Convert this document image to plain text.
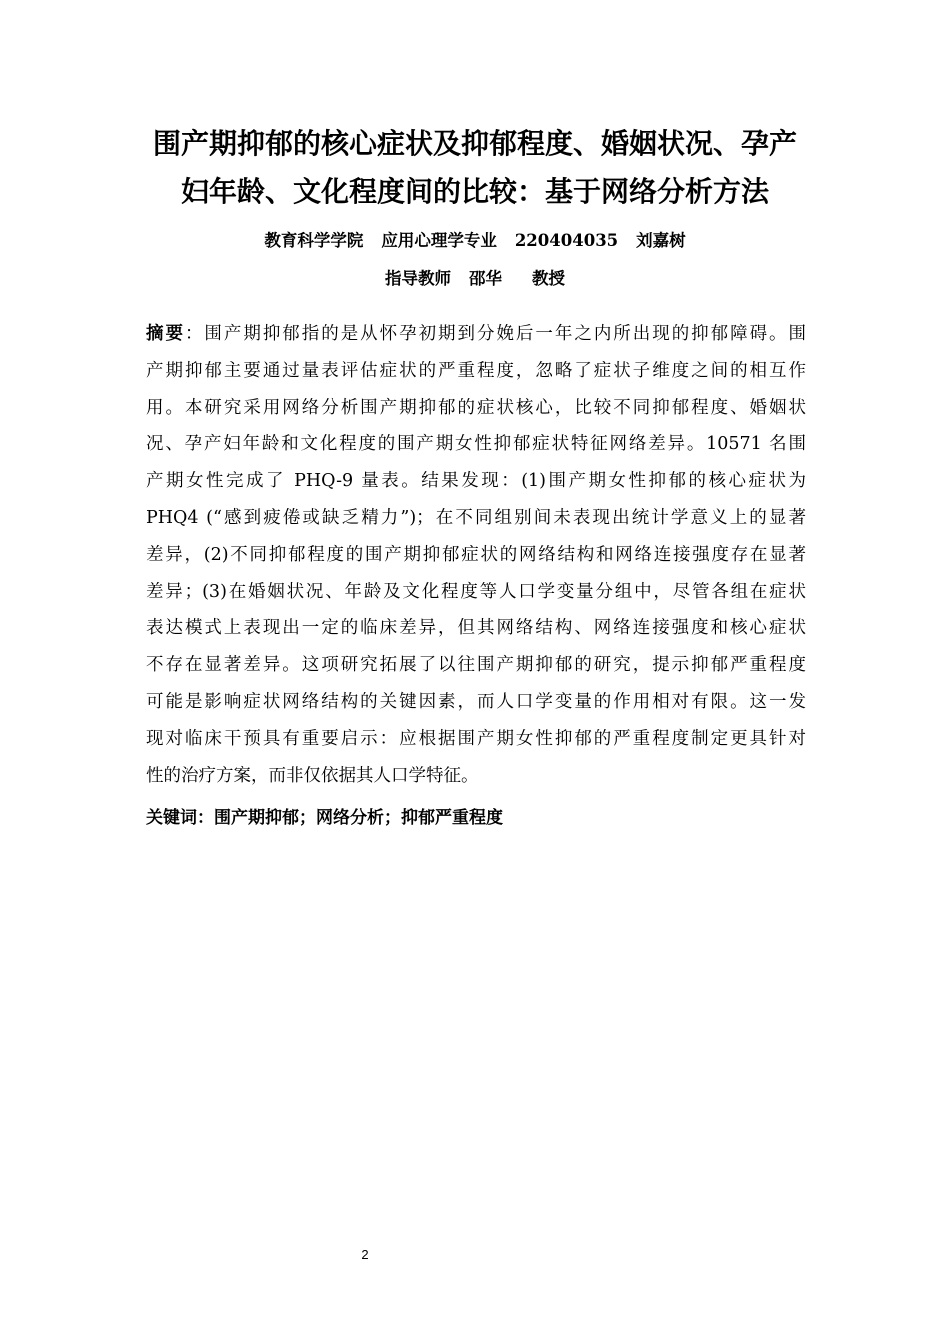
围产期抑郁的核心症状及抑郁程度、婚姻状况、孕产
妇年龄、文化程度间的比较：基于网络分析方法
教育科学学院 应用心理学专业 220404035 刘嘉树
指导教师 邵华 教授
摘要：围产期抑郁指的是从怀孕初期到分娩后一年之内所出现的抑郁障碍。围
产期抑郁主要通过量表评估症状的严重程度，忽略了症状子维度之间的相互作
用。本研究采用网络分析围产期抑郁的症状核心，比较不同抑郁程度、婚姻状
况、孕产妇年龄和文化程度的围产期女性抑郁症状特征网络差异。10571 名围
产期女性完成了 PHQ-9 量表。结果发现：(1)围产期女性抑郁的核心症状为
PHQ4 (“感到疲倦或缺乏精力”)；在不同组别间未表现出统计学意义上的显著
差异，(2)不同抑郁程度的围产期抑郁症状的网络结构和网络连接强度存在显著
差异；(3)在婚姻状况、年龄及文化程度等人口学变量分组中，尽管各组在症状
表达模式上表现出一定的临床差异，但其网络结构、网络连接强度和核心症状
不存在显著差异。这项研究拓展了以往围产期抑郁的研究，提示抑郁严重程度
可能是影响症状网络结构的关键因素，而人口学变量的作用相对有限。这一发
现对临床干预具有重要启示：应根据围产期女性抑郁的严重程度制定更具针对
性的治疗方案，而非仅依据其人口学特征。
关键词：围产期抑郁；网络分析；抑郁严重程度
2
